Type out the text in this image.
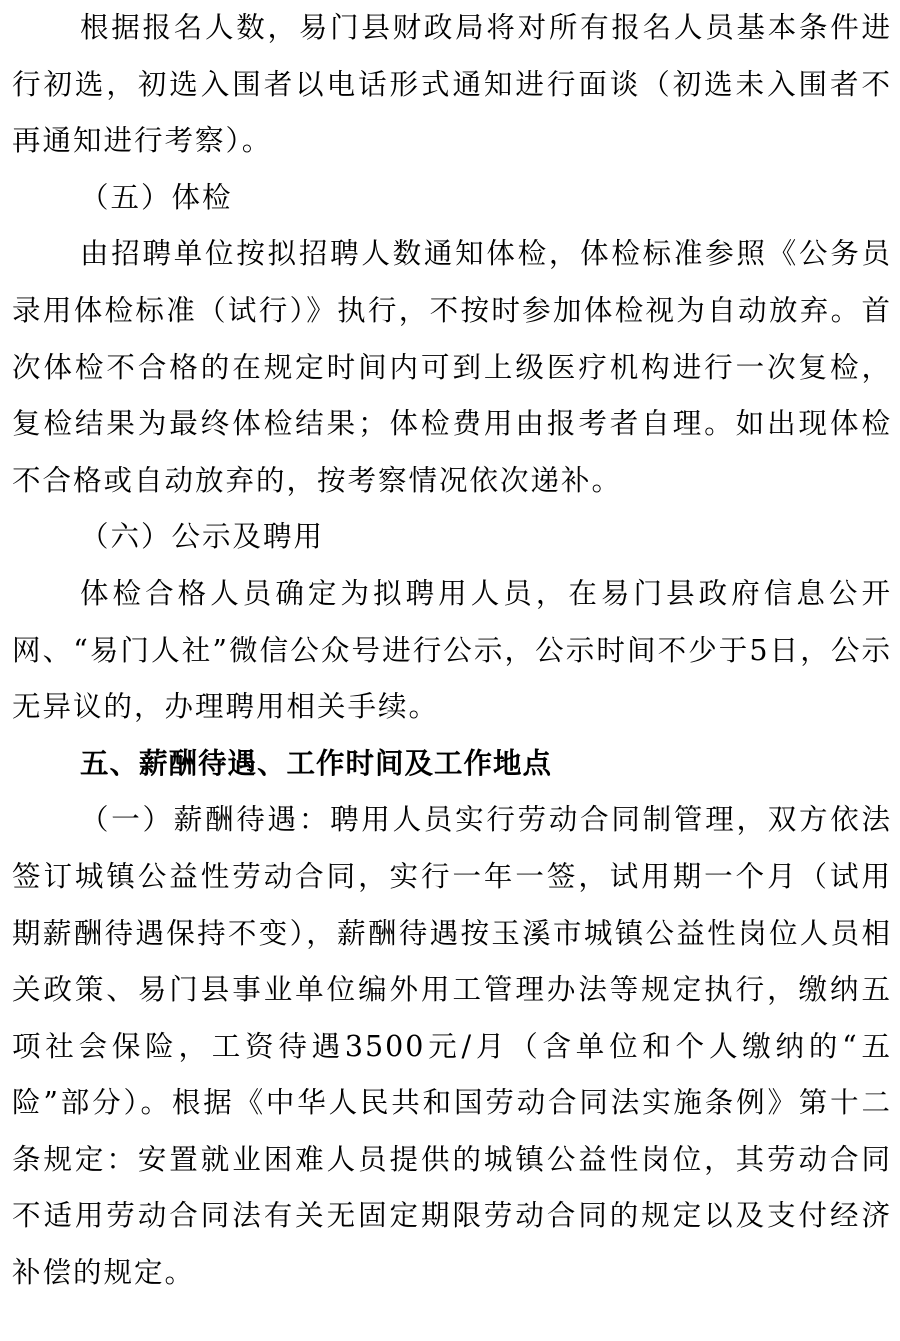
根据报名人数，易门县财政局将对所有报名人员基本条件进行初选，初选入围者以电话形式通知进行面谈（初选未入围者不再通知进行考察）。

（五）体检

由招聘单位按拟招聘人数通知体检，体检标准参照《公务员录用体检标准（试行）》执行，不按时参加体检视为自动放弃。首次体检不合格的在规定时间内可到上级医疗机构进行一次复检，复检结果为最终体检结果；体检费用由报考者自理。如出现体检不合格或自动放弃的，按考察情况依次递补。

（六）公示及聘用

体检合格人员确定为拟聘用人员，在易门县政府信息公开网、“易门人社”微信公众号进行公示，公示时间不少于5日，公示无异议的，办理聘用相关手续。

五、薪酬待遇、工作时间及工作地点

（一）薪酬待遇：聘用人员实行劳动合同制管理，双方依法签订城镇公益性劳动合同，实行一年一签，试用期一个月（试用期薪酬待遇保持不变），薪酬待遇按玉溪市城镇公益性岗位人员相关政策、易门县事业单位编外用工管理办法等规定执行，缴纳五项社会保险，工资待遇3500元/月（含单位和个人缴纳的“五险”部分）。根据《中华人民共和国劳动合同法实施条例》第十二条规定：安置就业困难人员提供的城镇公益性岗位，其劳动合同不适用劳动合同法有关无固定期限劳动合同的规定以及支付经济补偿的规定。
